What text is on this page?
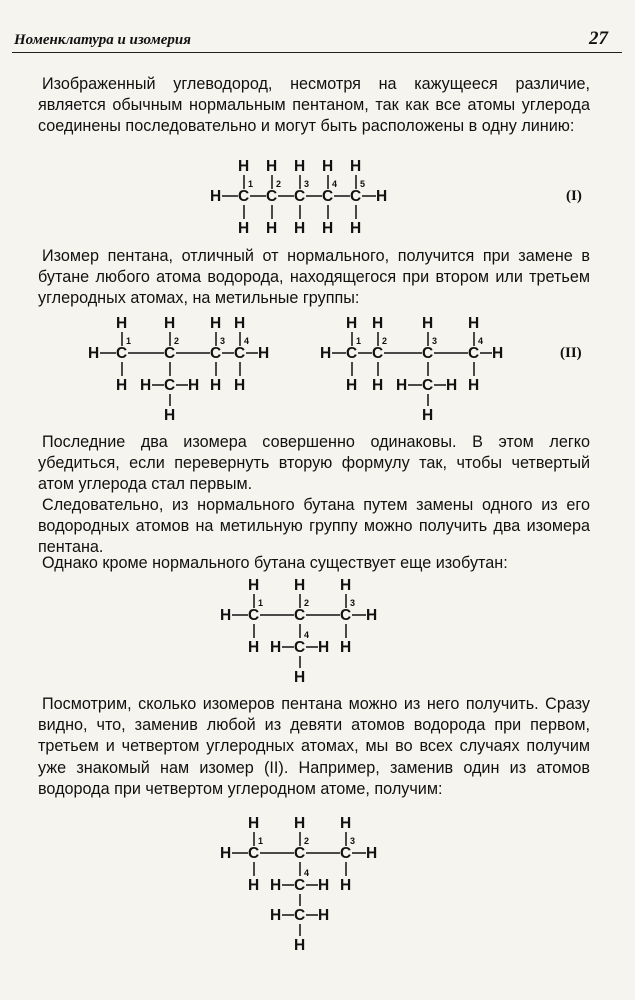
Номенклатура и изомерия	27

Изображенный углеводород, несмотря на кажущееся различие, является обычным нормальным пентаном, так как все атомы углерода соединены последовательно и могут быть расположены в одну линию:

H H H H H
1	2	3	4	5
H C C C C C H
H H H H H
(I)

Изомер пентана, отличный от нормального, получится при замене в бутане любого атома водорода, находящегося при втором или третьем углеродных атомах, на метильные группы:

H H H H
1	2	3 4
H C C C C H
H H C H H H
H
H H	H H
1 2	3	4
H C C	C C H
H H H C H H
H
(II)

Последние два изомера совершенно одинаковы. В этом легко убедиться, если перевернуть вторую формулу так, чтобы четвертый атом углерода стал первым.

Следовательно, из нормального бутана путем замены одного из его водородных атомов на метильную группу можно получить два изомера пентана.

Однако кроме нормального бутана существует еще изобутан:

H H H
1	2	3
H C C C H
4
H H C H H
H

Посмотрим, сколько изомеров пентана можно из него получить. Сразу видно, что, заменив любой из девяти атомов водорода при первом, третьем и четвертом углеродных атомах, мы во всех случаях получим уже знакомый нам изомер (II). Например, заменив один из атомов водорода при четвертом углеродном атоме, получим:

H H H
1	2	3
H C C C H
4
H H C H H
H C H
H
